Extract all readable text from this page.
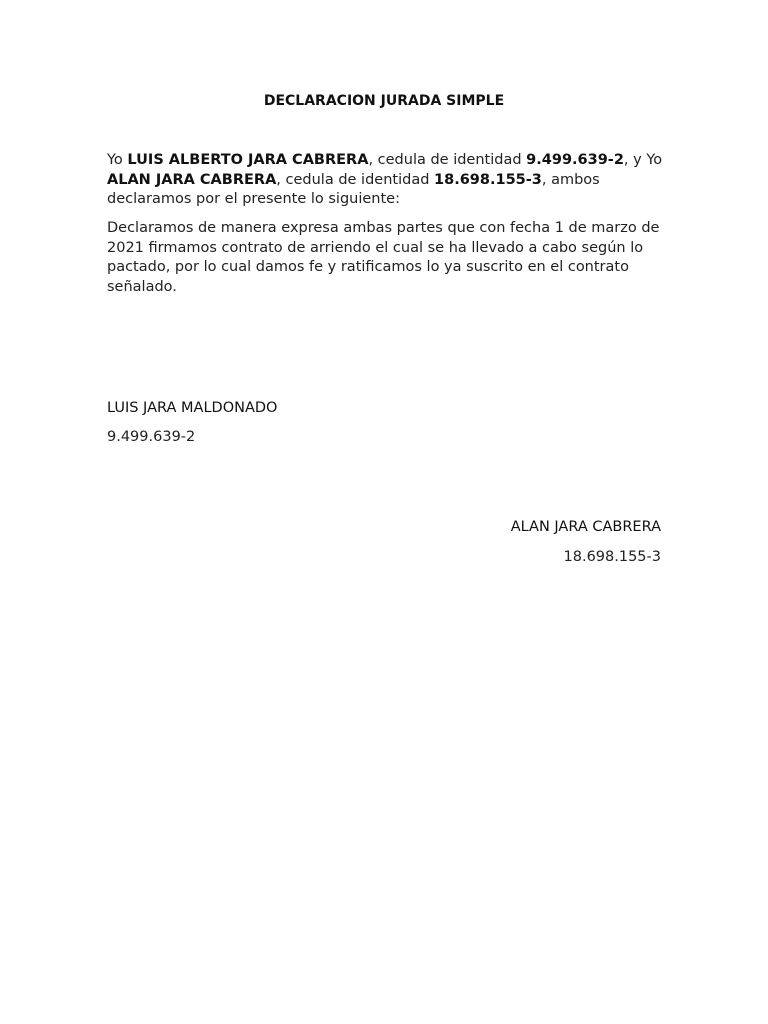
DECLARACION JURADA SIMPLE

Yo LUIS ALBERTO JARA CABRERA, cedula de identidad 9.499.639-2, y Yo ALAN JARA CABRERA, cedula de identidad 18.698.155-3, ambos declaramos por el presente lo siguiente:

Declaramos de manera expresa ambas partes que con fecha 1 de marzo de 2021 firmamos contrato de arriendo el cual se ha llevado a cabo según lo pactado, por lo cual damos fe y ratificamos lo ya suscrito en el contrato señalado.

LUIS JARA MALDONADO
9.499.639-2
ALAN JARA CABRERA
18.698.155-3
